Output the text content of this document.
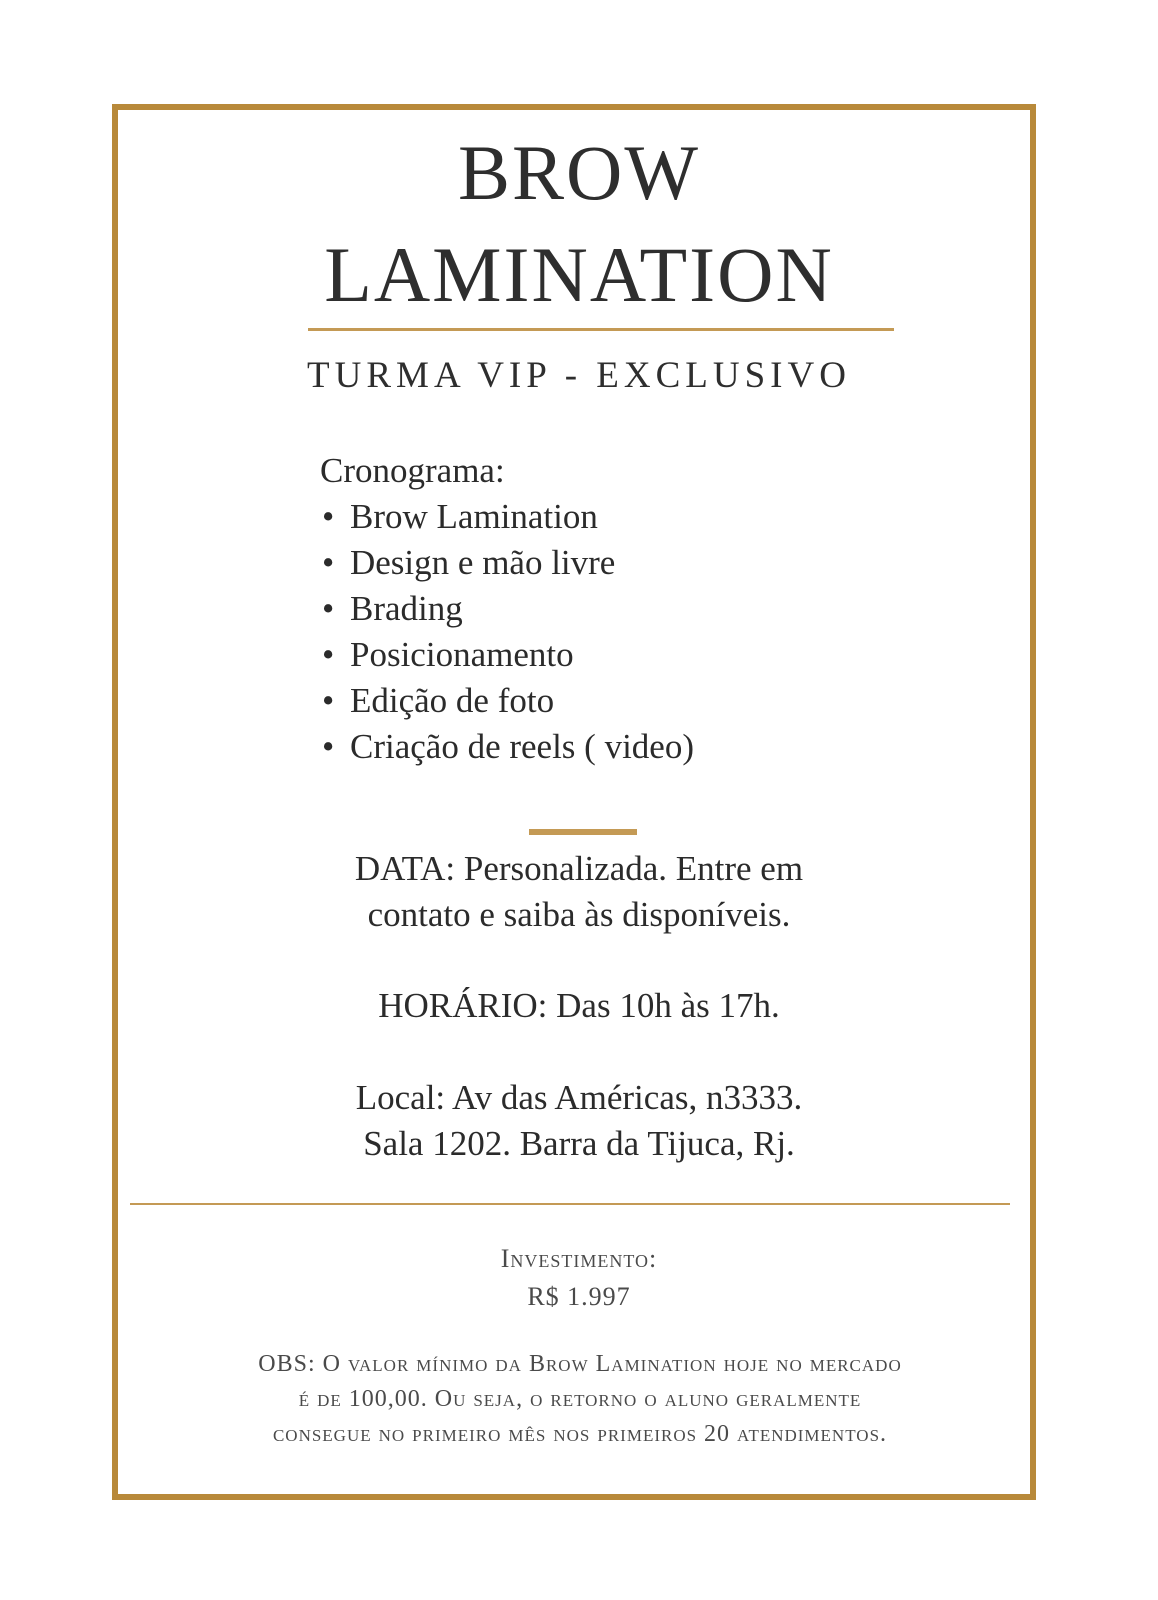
BROW
LAMINATION
TURMA VIP - EXCLUSIVO
Cronograma:
• Brow Lamination
• Design e mão livre
• Brading
• Posicionamento
• Edição de foto
• Criação de reels ( video)
DATA: Personalizada. Entre em
contato e saiba às disponíveis.
HORÁRIO: Das 10h às 17h.
Local: Av das Américas, n3333.
Sala 1202. Barra da Tijuca, Rj.
Investimento:
R$ 1.997
OBS: O valor mínimo da Brow Lamination hoje no mercado
é de 100,00. Ou seja, o retorno o aluno geralmente
consegue no primeiro mês nos primeiros 20 atendimentos.
